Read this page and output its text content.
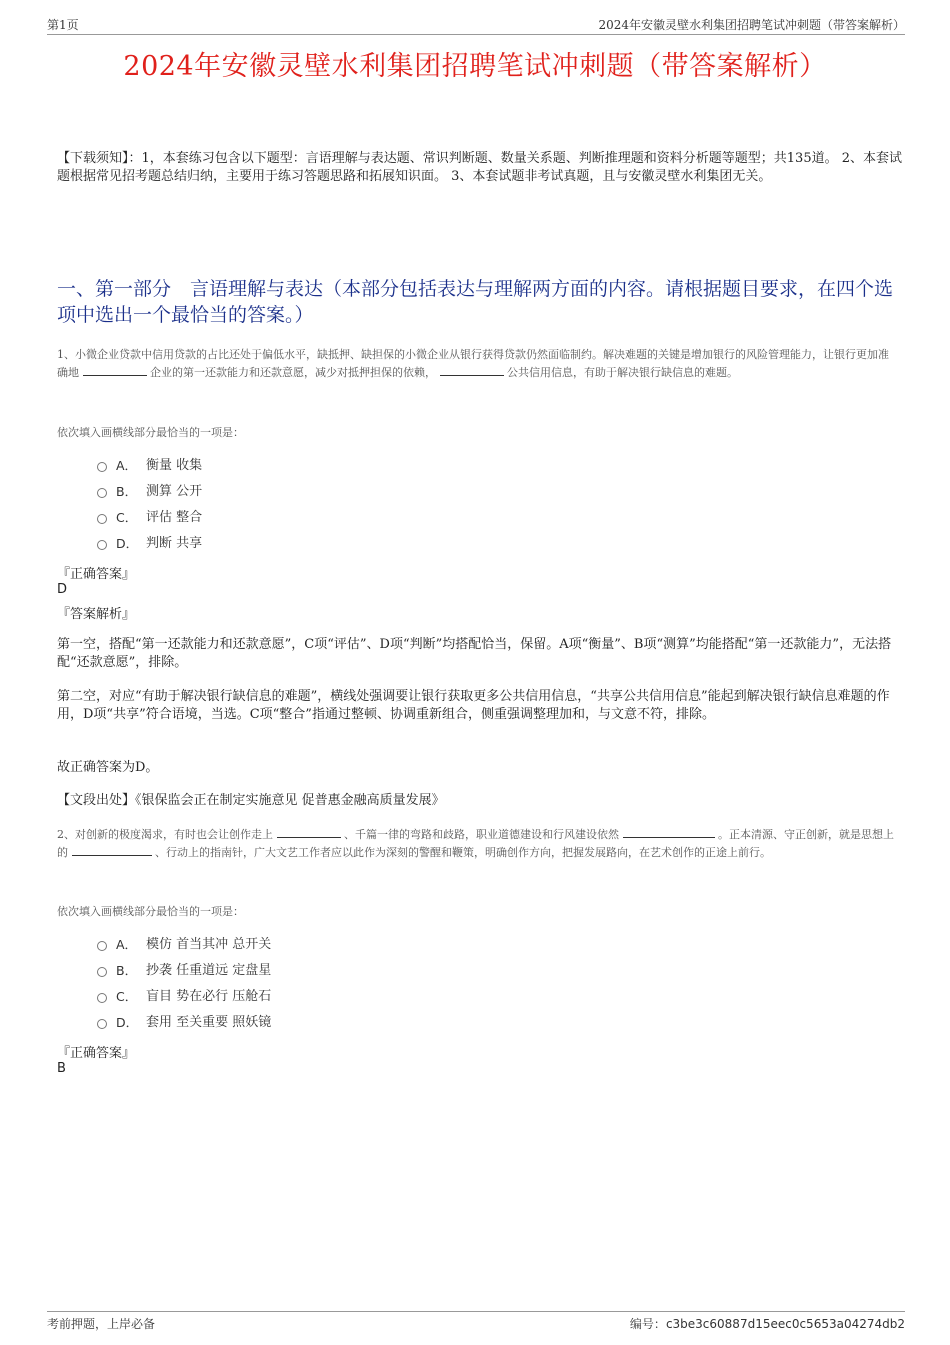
第1页	2024年安徽灵壁水利集团招聘笔试冲刺题（带答案解析）
2024年安徽灵壁水利集团招聘笔试冲刺题（带答案解析）
【下载须知】：1，本套练习包含以下题型：言语理解与表达题、常识判断题、数量关系题、判断推理题和资料分析题等题型；共135道。 2、本套试题根据常见招考题总结归纳，主要用于练习答题思路和拓展知识面。 3、本套试题非考试真题，且与安徽灵壁水利集团无关。
一、第一部分　言语理解与表达（本部分包括表达与理解两方面的内容。请根据题目要求，在四个选项中选出一个最恰当的答案。）
1、小微企业贷款中信用贷款的占比还处于偏低水平，缺抵押、缺担保的小微企业从银行获得贷款仍然面临制约。解决难题的关键是增加银行的风险管理能力，让银行更加准确地	企业的第一还款能力和还款意愿，减少对抵押担保的依赖，	公共信用信息，有助于解决银行缺信息的难题。
依次填入画横线部分最恰当的一项是：
A． 衡量 收集
B． 测算 公开
C． 评估 整合
D． 判断 共享
『正确答案』
D
『答案解析』

第一空，搭配“第一还款能力和还款意愿”，C项“评估”、D项“判断”均搭配恰当，保留。A项“衡量”、B项“测算”均能搭配“第一还款能力”，无法搭配“还款意愿”，排除。

第二空，对应“有助于解决银行缺信息的难题”，横线处强调要让银行获取更多公共信用信息，“共享公共信用信息”能起到解决银行缺信息难题的作用，D项“共享”符合语境，当选。C项“整合”指通过整顿、协调重新组合，侧重强调整理加和，与文意不符，排除。

故正确答案为D。

【文段出处】《银保监会正在制定实施意见 促普惠金融高质量发展》

2、对创新的极度渴求，有时也会让创作走上	、千篇一律的弯路和歧路，职业道德建设和行风建设依然	。正本清源、守正创新，就是思想上的	、行动上的指南针，广大文艺工作者应以此作为深刻的警醒和鞭策，明确创作方向，把握发展路向，在艺术创作的正途上前行。
依次填入画横线部分最恰当的一项是：
A． 模仿 首当其冲 总开关
B． 抄袭 任重道远 定盘星
C． 盲目 势在必行 压舱石
D． 套用 至关重要 照妖镜
『正确答案』
B
考前押题，上岸必备	编号：c3be3c60887d15eec0c5653a04274db2
